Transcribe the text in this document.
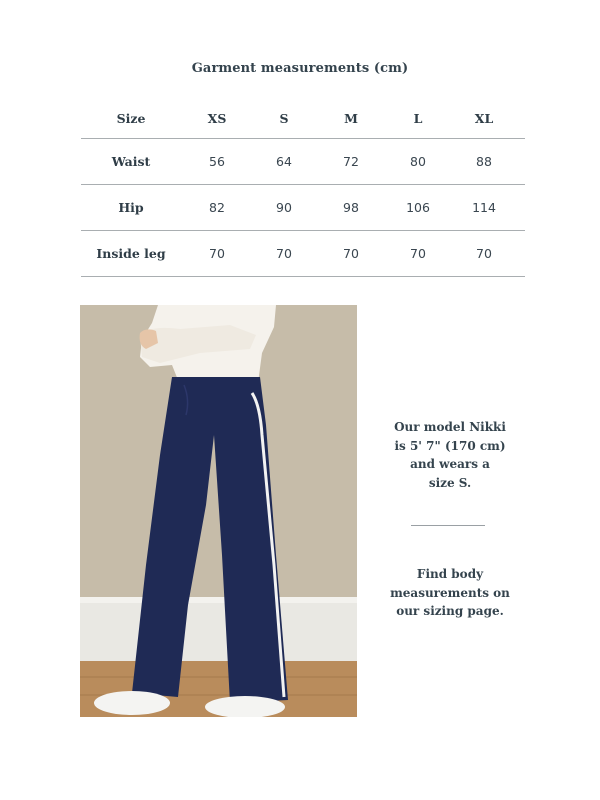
Garment measurements (cm)
Size	XS	S	M	L	XL
Waist	56	64	72	80	88
Hip	82	90	98	106	114
Inside leg	70	70	70	70	70
Our model Nikki
is 5' 7" (170 cm)
and wears a
size S.
Find body
measurements on
our sizing page.
